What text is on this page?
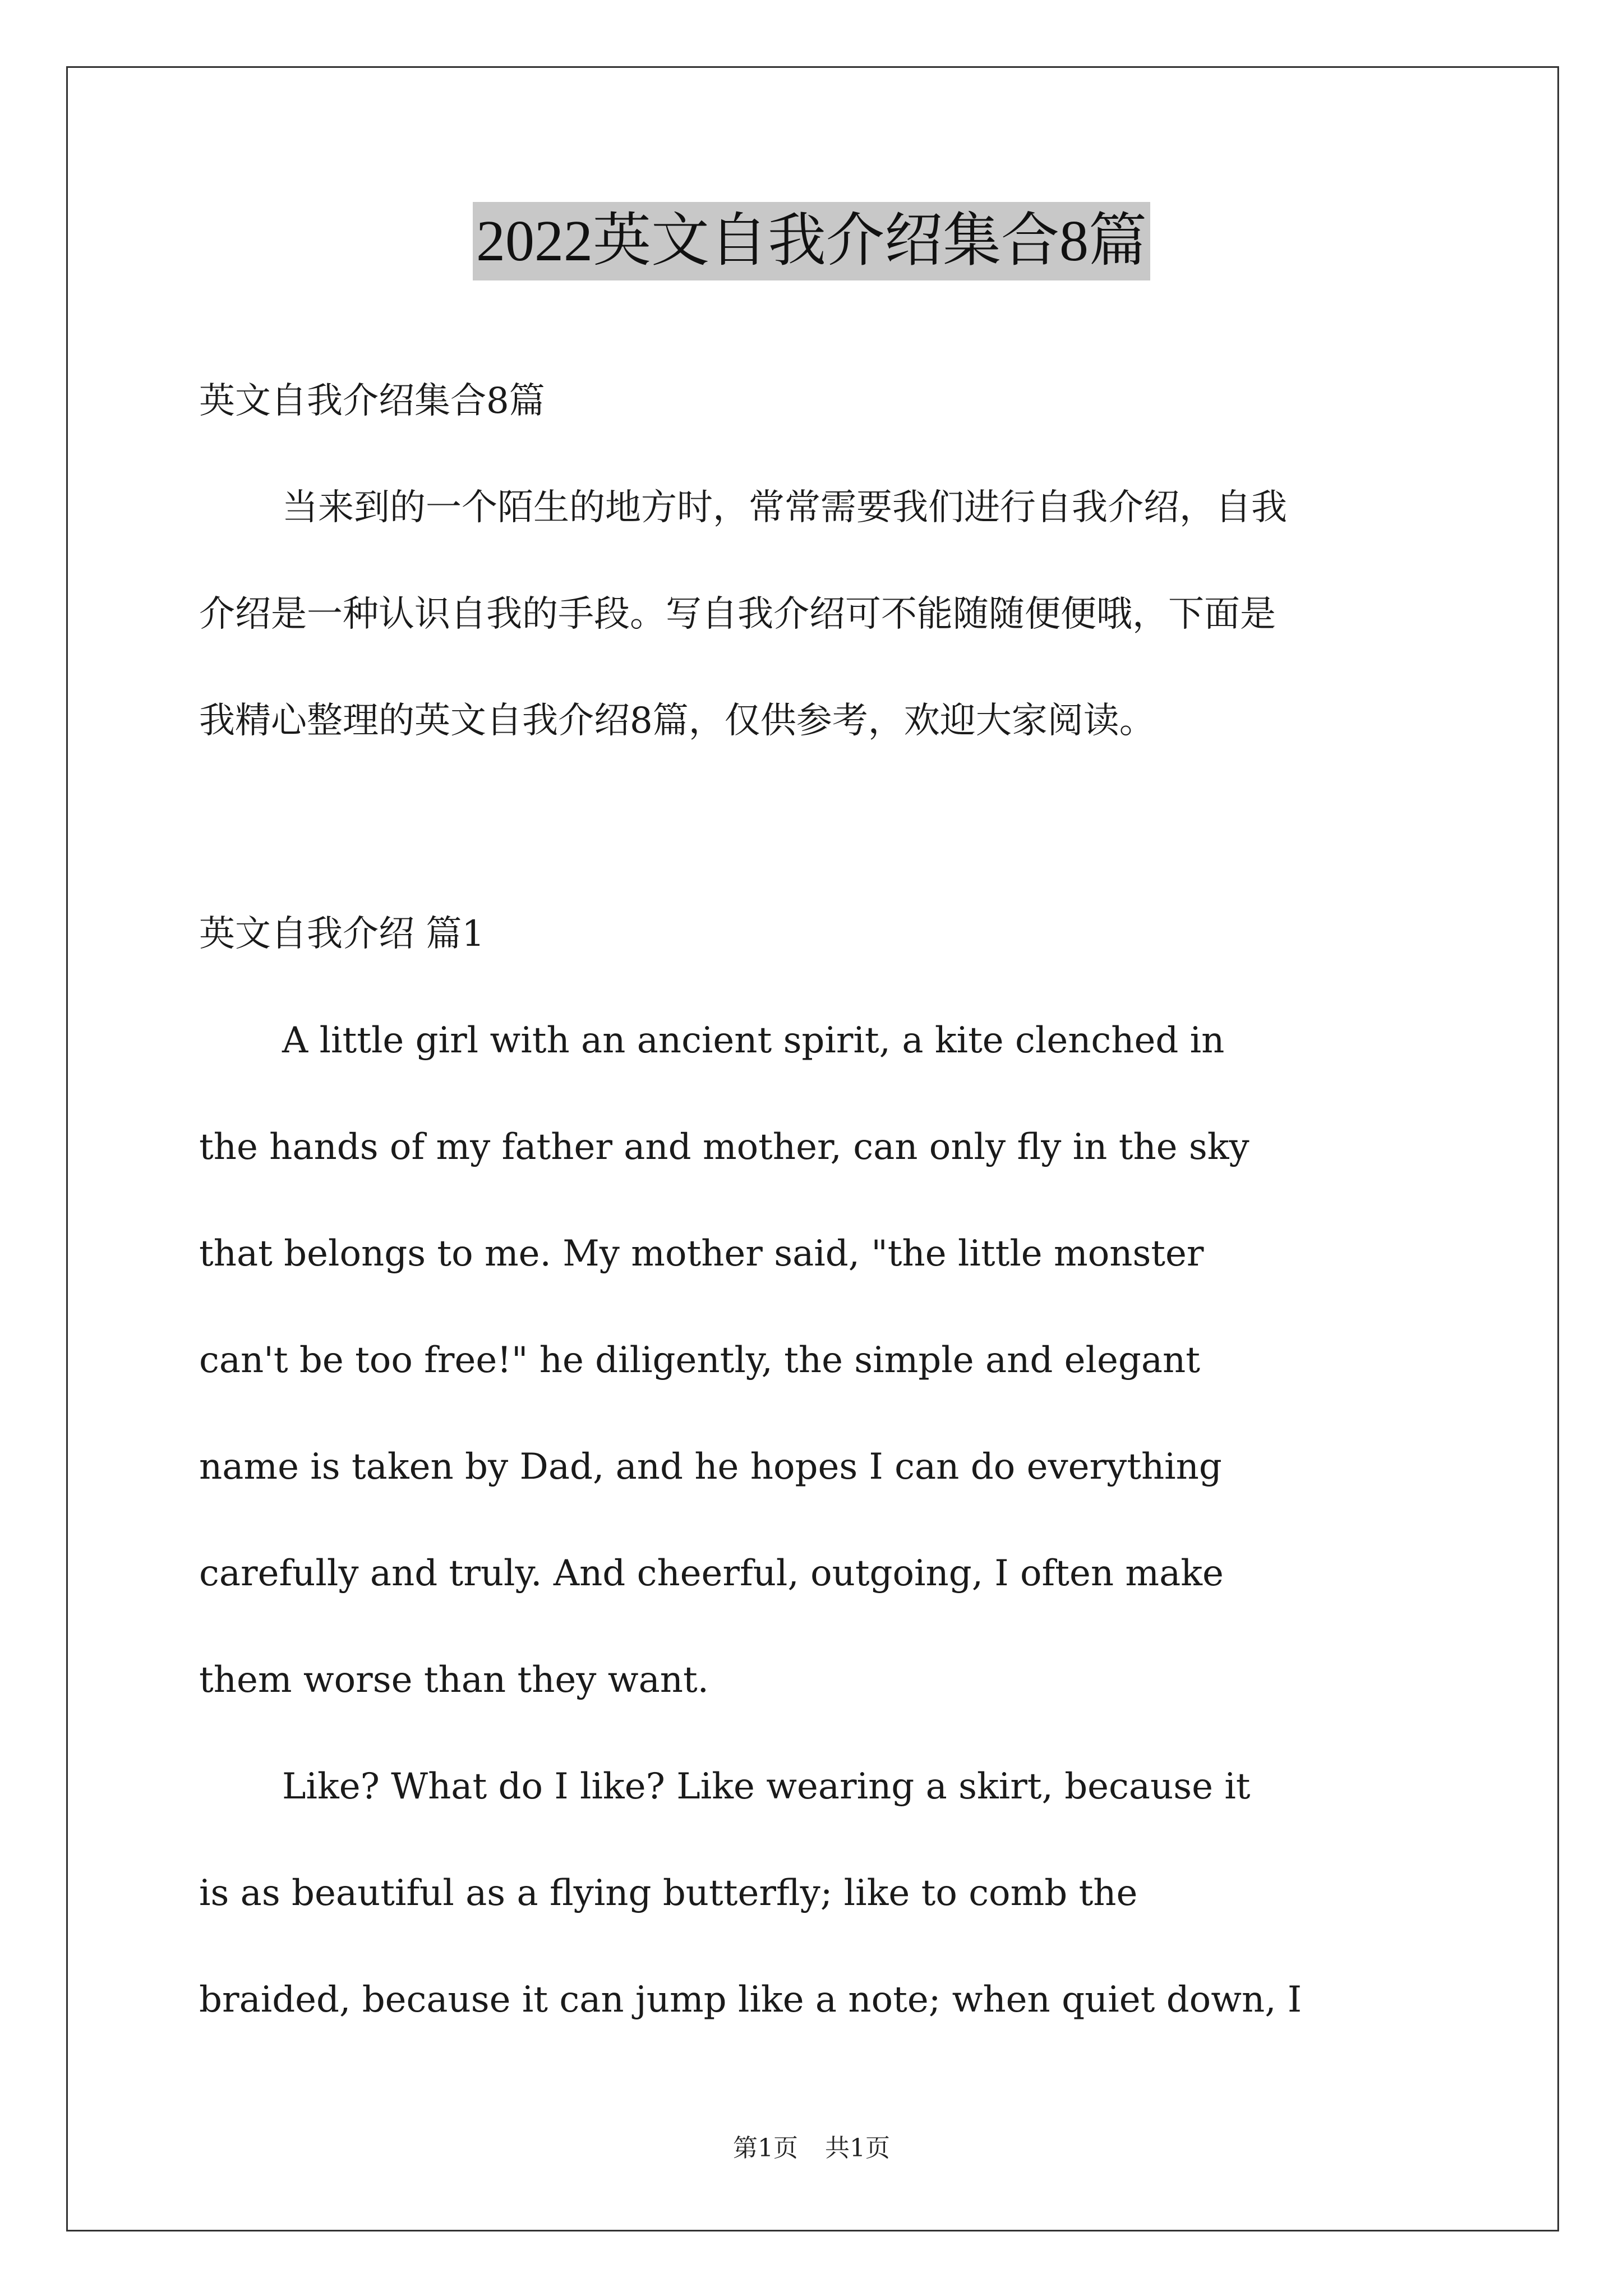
2022英文自我介绍集合8篇

英文自我介绍集合8篇

当来到的一个陌生的地方时，常常需要我们进行自我介绍，自我

介绍是一种认识自我的手段。写自我介绍可不能随随便便哦，下面是

我精心整理的英文自我介绍8篇，仅供参考，欢迎大家阅读。

英文自我介绍 篇1

A little girl with an ancient spirit, a kite clenched in

the hands of my father and mother, can only fly in the sky

that belongs to me. My mother said, "the little monster

can't be too free!" he diligently, the simple and elegant

name is taken by Dad, and he hopes I can do everything

carefully and truly. And cheerful, outgoing, I often make

them worse than they want.

Like? What do I like? Like wearing a skirt, because it

is as beautiful as a flying butterfly; like to comb the

braided, because it can jump like a note; when quiet down, I

第1页 共1页
